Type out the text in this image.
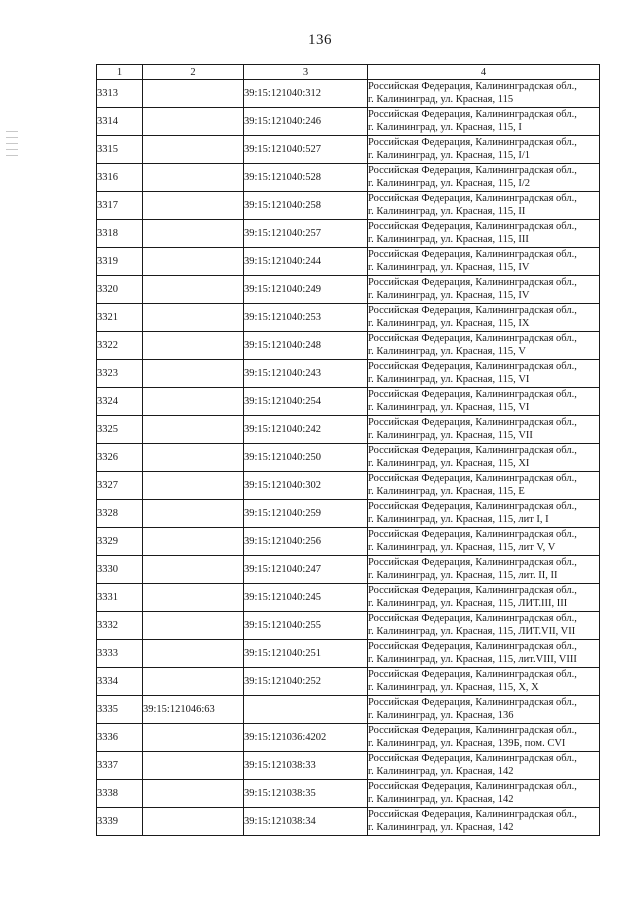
136
1	2	3	4
3313		39:15:121040:312	Российская Федерация, Калининградская обл.,
г. Калининград, ул. Красная, 115

3314		39:15:121040:246	Российская Федерация, Калининградская обл.,
г. Калининград, ул. Красная, 115, I

3315		39:15:121040:527	Российская Федерация, Калининградская обл.,
г. Калининград, ул. Красная, 115, I/1

3316		39:15:121040:528	Российская Федерация, Калининградская обл.,
г. Калининград, ул. Красная, 115, I/2

3317		39:15:121040:258	Российская Федерация, Калининградская обл.,
г. Калининград, ул. Красная, 115, II

3318		39:15:121040:257	Российская Федерация, Калининградская обл.,
г. Калининград, ул. Красная, 115, III

3319		39:15:121040:244	Российская Федерация, Калининградская обл.,
г. Калининград, ул. Красная, 115, IV

3320		39:15:121040:249	Российская Федерация, Калининградская обл.,
г. Калининград, ул. Красная, 115, IV

3321		39:15:121040:253	Российская Федерация, Калининградская обл.,
г. Калининград, ул. Красная, 115, IX

3322		39:15:121040:248	Российская Федерация, Калининградская обл.,
г. Калининград, ул. Красная, 115, V

3323		39:15:121040:243	Российская Федерация, Калининградская обл.,
г. Калининград, ул. Красная, 115, VI

3324		39:15:121040:254	Российская Федерация, Калининградская обл.,
г. Калининград, ул. Красная, 115, VI

3325		39:15:121040:242	Российская Федерация, Калининградская обл.,
г. Калининград, ул. Красная, 115, VII

3326		39:15:121040:250	Российская Федерация, Калининградская обл.,
г. Калининград, ул. Красная, 115, XI

3327		39:15:121040:302	Российская Федерация, Калининградская обл.,
г. Калининград, ул. Красная, 115, Е

3328		39:15:121040:259	Российская Федерация, Калининградская обл.,
г. Калининград, ул. Красная, 115, лит I, I

3329		39:15:121040:256	Российская Федерация, Калининградская обл.,
г. Калининград, ул. Красная, 115, лит V, V

3330		39:15:121040:247	Российская Федерация, Калининградская обл.,
г. Калининград, ул. Красная, 115, лит. II, II

3331		39:15:121040:245	Российская Федерация, Калининградская обл.,
г. Калининград, ул. Красная, 115, ЛИТ.III, III

3332		39:15:121040:255	Российская Федерация, Калининградская обл.,
г. Калининград, ул. Красная, 115, ЛИТ.VII, VII

3333		39:15:121040:251	Российская Федерация, Калининградская обл.,
г. Калининград, ул. Красная, 115, лит.VIII, VIII

3334		39:15:121040:252	Российская Федерация, Калининградская обл.,
г. Калининград, ул. Красная, 115, X, X

3335	39:15:121046:63		Российская Федерация, Калининградская обл.,
г. Калининград, ул. Красная, 136

3336		39:15:121036:4202	Российская Федерация, Калининградская обл.,
г. Калининград, ул. Красная, 139Б, пом. CVI

3337		39:15:121038:33	Российская Федерация, Калининградская обл.,
г. Калининград, ул. Красная, 142

3338		39:15:121038:35	Российская Федерация, Калининградская обл.,
г. Калининград, ул. Красная, 142

3339		39:15:121038:34	Российская Федерация, Калининградская обл.,
г. Калининград, ул. Красная, 142
